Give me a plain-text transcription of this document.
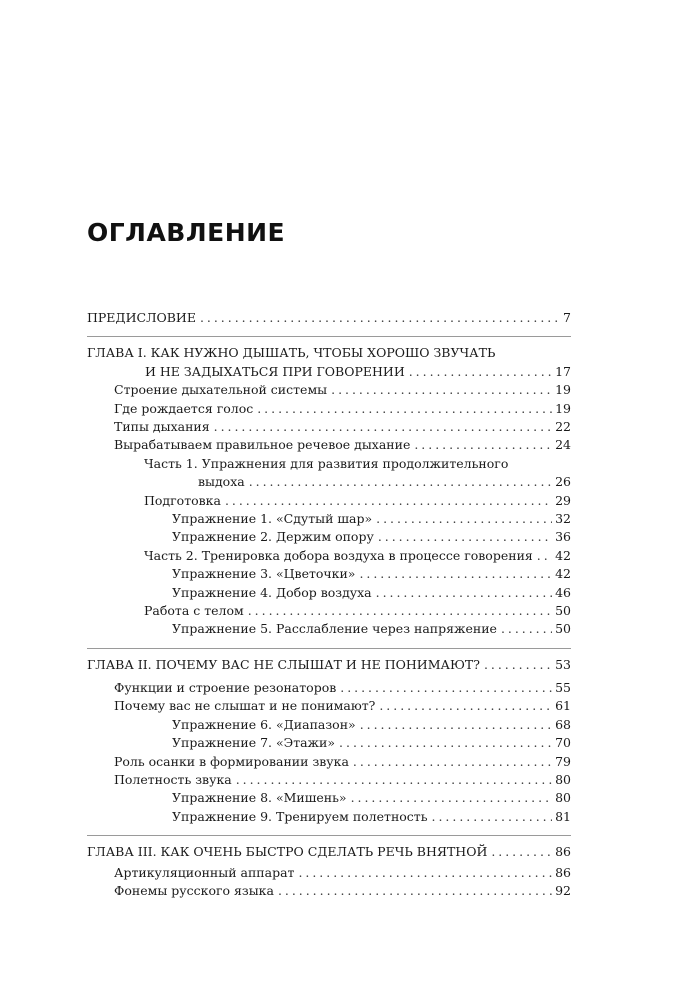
ОГЛАВЛЕНИЕ
ПРЕДИСЛОВИЕ . . .	7
ГЛАВА I. КАК НУЖНО ДЫШАТЬ, ЧТОБЫ ХОРОШО ЗВУЧАТЬ
И НЕ ЗАДЫХАТЬСЯ ПРИ ГОВОРЕНИИ . . .	17
Строение дыхательной системы . . .	19
Где рождается голос . . .	19
Типы дыхания . . .	22
Вырабатываем правильное речевое дыхание . . .	24
Часть 1. Упражнения для развития продолжительного
выдоха . . .	26
Подготовка . . .	29
Упражнение 1. «Сдутый шар» . . .	32
Упражнение 2. Держим опору . . .	36
Часть 2. Тренировка добора воздуха в процессе говорения . . . 42
Упражнение 3. «Цветочки» . . .	42
Упражнение 4. Добор воздуха . . .	46
Работа с телом . . .	50
Упражнение 5. Расслабление через напряжение . . .	50
ГЛАВА II. ПОЧЕМУ ВАС НЕ СЛЫШАТ И НЕ ПОНИМАЮТ? . . .	53
Функции и строение резонаторов . . .	55
Почему вас не слышат и не понимают? . . .	61
Упражнение 6. «Диапазон» . . .	68
Упражнение 7. «Этажи» . . .	70
Роль осанки в формировании звука . . .	79
Полетность звука . . .	80
Упражнение 8. «Мишень» . . .	80
Упражнение 9. Тренируем полетность . . .	81
ГЛАВА III. КАК ОЧЕНЬ БЫСТРО СДЕЛАТЬ РЕЧЬ ВНЯТНОЙ . . .	86
Артикуляционный аппарат . . .	86
Фонемы русского языка . . .	92
